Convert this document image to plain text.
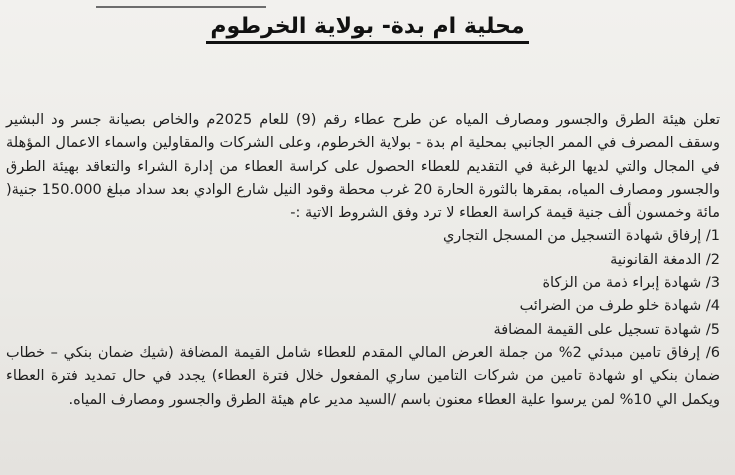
محلية ام بدة- بولاية الخرطوم
تعلن هيئة الطرق والجسور ومصارف المياه عن طرح عطاء رقم (9) للعام 2025م والخاص بصيانة جسر ود البشير وسقف المصرف في الممر الجانبي بمحلية ام بدة - بولاية الخرطوم، وعلى الشركات والمقاولين واسماء الاعمال المؤهلة في المجال والتي لديها الرغبة في التقديم للعطاء الحصول على كراسة العطاء من إدارة الشراء والتعاقد بهيئة الطرق والجسور ومصارف المياه، بمقرها بالثورة الحارة 20 غرب محطة وقود النيل شارع الوادي بعد سداد مبلغ 150.000 جنية( مائة وخمسون ألف جنية قيمة كراسة العطاء لا ترد وفق الشروط الاتية :-
1/ إرفاق شهادة التسجيل من المسجل التجاري
2/ الدمغة القانونية
3/ شهادة إبراء ذمة من الزكاة
4/ شهادة خلو طرف من الضرائب
5/ شهادة تسجيل على القيمة المضافة
6/ إرفاق تامين مبدئي 2% من جملة العرض المالي المقدم للعطاء شامل القيمة المضافة (شيك ضمان بنكي – خطاب ضمان بنكي او شهادة تامين من شركات التامين ساري المفعول خلال فترة العطاء) يجدد في حال تمديد فترة العطاء ويكمل الي 10% لمن يرسوا علية العطاء معنون باسم /السيد مدير عام هيئة الطرق والجسور ومصارف المياه.
